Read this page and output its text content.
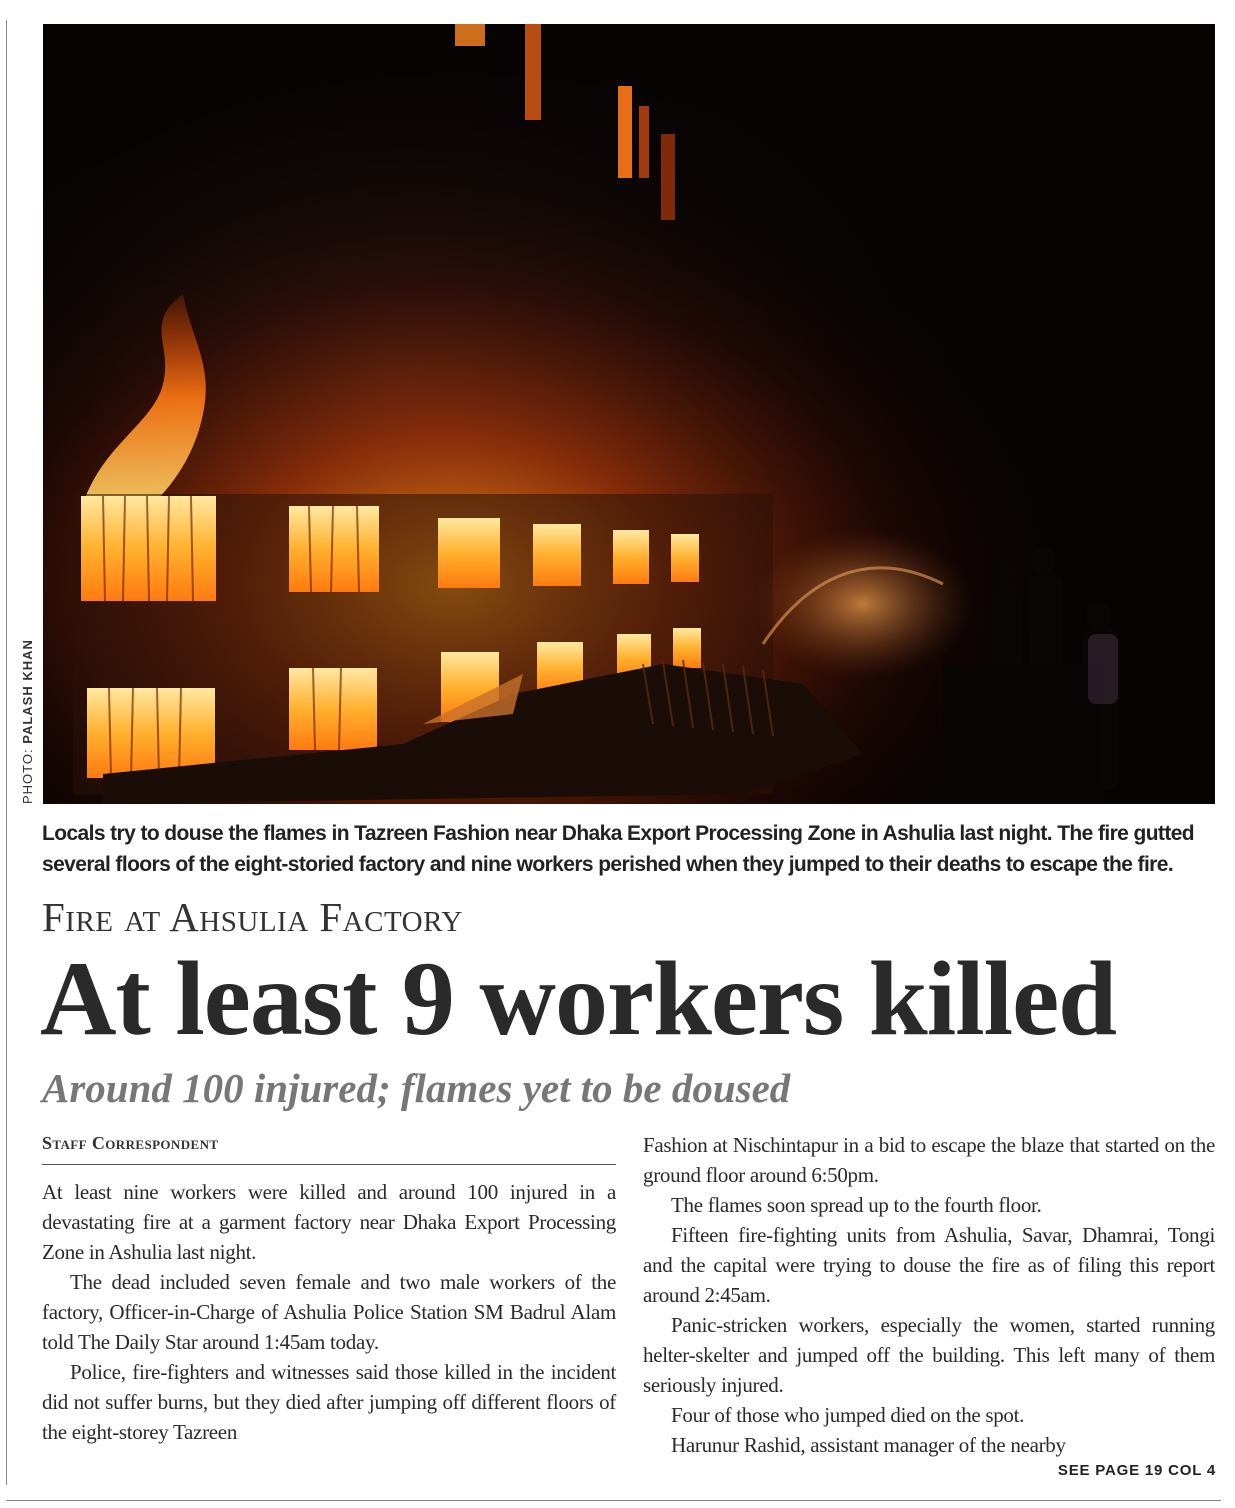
PHOTO: PALASH KHAN
Locals try to douse the flames in Tazreen Fashion near Dhaka Export Processing Zone in Ashulia last night. The fire gutted several floors of the eight-storied factory and nine workers perished when they jumped to their deaths to escape the fire.
Fire at Ahsulia Factory
At least 9 workers killed
Around 100 injured; flames yet to be doused
Staff Correspondent

At least nine workers were killed and around 100 injured in a devastating fire at a garment factory near Dhaka Export Processing Zone in Ashulia last night.

The dead included seven female and two male workers of the factory, Officer-in-Charge of Ashulia Police Station SM Badrul Alam told The Daily Star around 1:45am today.

Police, fire-fighters and witnesses said those killed in the incident did not suffer burns, but they died after jumping off different floors of the eight-storey Tazreen

Fashion at Nischintapur in a bid to escape the blaze that started on the ground floor around 6:50pm.

The flames soon spread up to the fourth floor.

Fifteen fire-fighting units from Ashulia, Savar, Dhamrai, Tongi and the capital were trying to douse the fire as of filing this report around 2:45am.

Panic-stricken workers, especially the women, started running helter-skelter and jumped off the building. This left many of them seriously injured.

Four of those who jumped died on the spot.

Harunur Rashid, assistant manager of the nearby

SEE PAGE 19 COL 4
